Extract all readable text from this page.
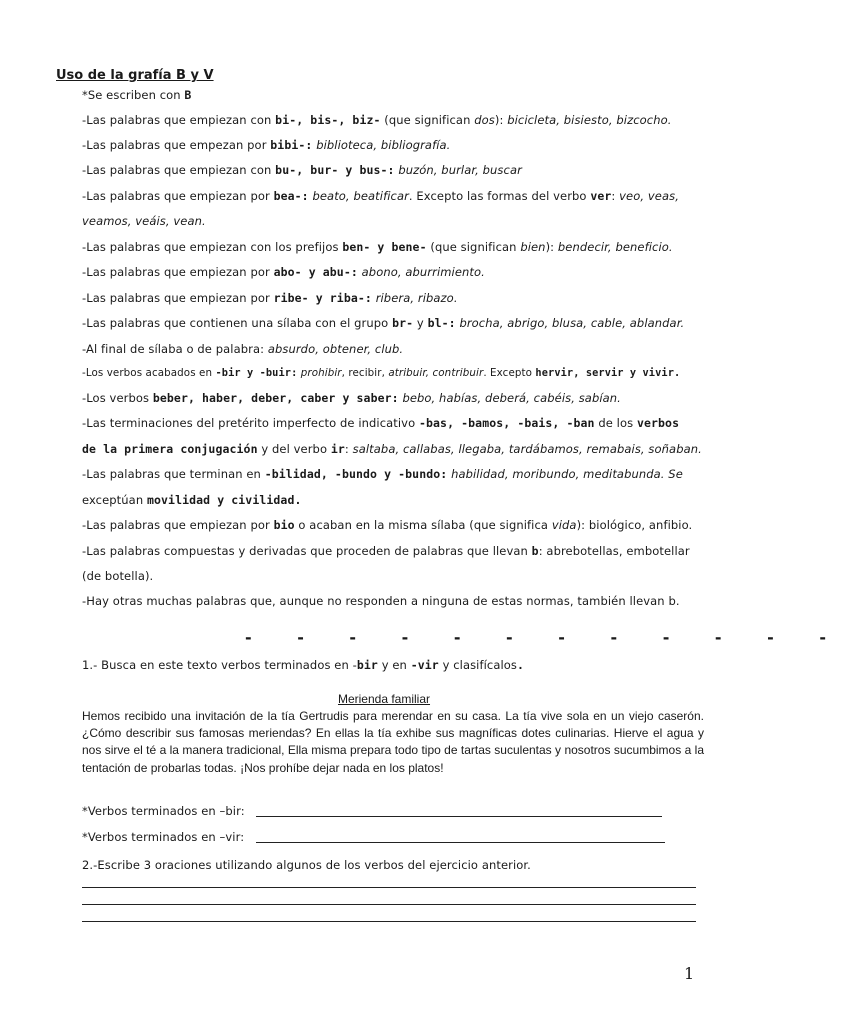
Uso de la grafía B y V
*Se escriben con B
-Las palabras que empiezan con bi-, bis-, biz- (que significan dos): bicicleta, bisiesto, bizcocho.
-Las palabras que empezan por bibi-: biblioteca, bibliografía.
-Las palabras que empiezan con bu-, bur- y bus-: buzón, burlar, buscar
-Las palabras que empiezan por bea-: beato, beatificar. Excepto las formas del verbo ver: veo, veas,
veamos, veáis, vean.
-Las palabras que empiezan con los prefijos ben- y bene- (que significan bien): bendecir, beneficio.
-Las palabras que empiezan por abo- y abu-: abono, aburrimiento.
-Las palabras que empiezan por ribe- y riba-: ribera, ribazo.
-Las palabras que contienen una sílaba con el grupo br- y bl-: brocha, abrigo, blusa, cable, ablandar.
-Al final de sílaba o de palabra: absurdo, obtener, club.
-Los verbos acabados en -bir y -buir: prohibir, recibir, atribuir, contribuir. Excepto hervir, servir y vivir.
-Los verbos beber, haber, deber, caber y saber: bebo, habías, deberá, cabéis, sabían.
-Las terminaciones del pretérito imperfecto de indicativo -bas, -bamos, -bais, -ban de los verbos
de la primera conjugación y del verbo ir: saltaba, callabas, llegaba, tardábamos, remabais, soñaban.
-Las palabras que terminan en -bilidad, -bundo y -bundo: habilidad, moribundo, meditabunda. Se
exceptúan movilidad y civilidad.
-Las palabras que empiezan por bio o acaban en la misma sílaba (que significa vida): biológico, anfibio.
-Las palabras compuestas y derivadas que proceden de palabras que llevan b: abrebotellas, embotellar
(de botella).
-Hay otras muchas palabras que, aunque no responden a ninguna de estas normas, también llevan b.
- - - - - - - - - - - -
1.- Busca en este texto verbos terminados en -bir y en -vir y clasifícalos.
Merienda familiar
Hemos recibido una invitación de la tía Gertrudis para merendar en su casa. La tía vive sola en un viejo caserón. ¿Cómo describir sus famosas meriendas? En ellas la tía exhibe sus magníficas dotes culinarias. Hierve el agua y nos sirve el té a la manera tradicional, Ella misma prepara todo tipo de tartas suculentas y nosotros sucumbimos a la tentación de probarlas todas. ¡Nos prohíbe dejar nada en los platos!
*Verbos terminados en –bir:
*Verbos terminados en –vir:
2.-Escribe 3 oraciones utilizando algunos de los verbos del ejercicio anterior.
1
